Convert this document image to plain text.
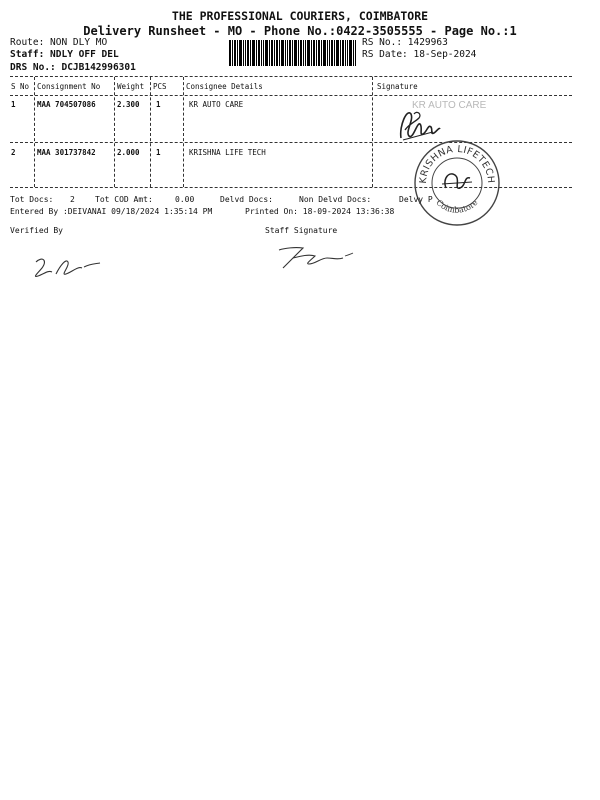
THE PROFESSIONAL COURIERS, COIMBATORE
Delivery Runsheet - MO - Phone No.:0422-3505555 - Page No.:1
Route: NON DLY MO
Staff: NDLY OFF DEL
DRS No.: DCJB142996301
RS No.: 1429963
RS Date: 18-Sep-2024
S No Consignment No Weight PCS	Consignee Details	Signature
1	MAA 704507086	2.300 1	KR AUTO CARE
2	MAA 301737842	2.000 1	KRISHNA LIFE TECH
KR AUTO CARE
KRISHNA LIFETECH
Coimbatore
Tot Docs: 2	Tot COD Amt:	0.00	Delvd Docs:	Non Delvd Docs:	Delvy P
Entered By :DEIVANAI 09/18/2024 1:35:14 PM	Printed On: 18-09-2024 13:36:38
Verified By	Staff Signature
